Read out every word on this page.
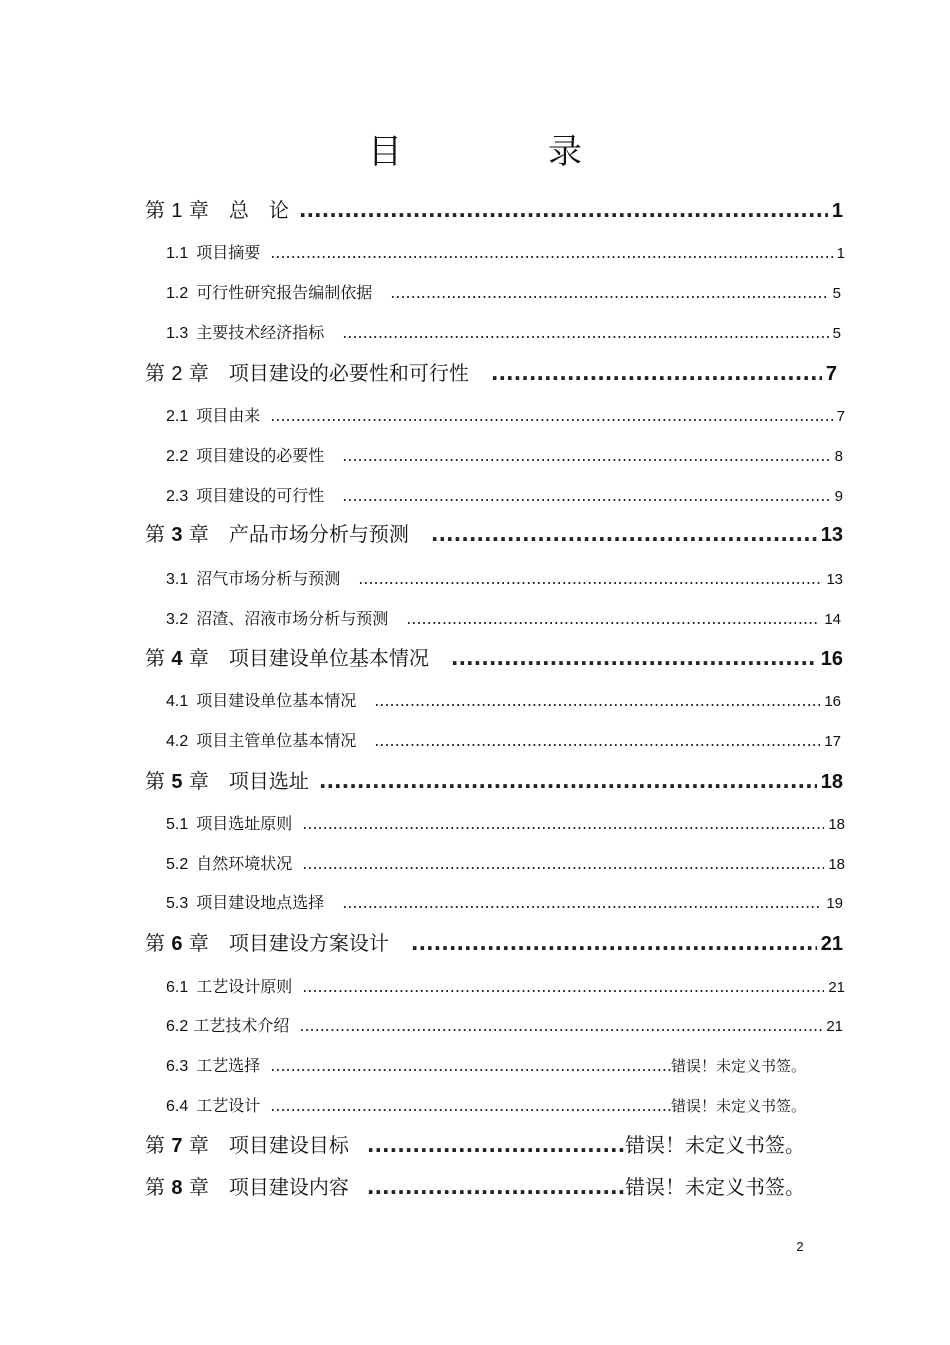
目　录
第 1 章　 总　论 .....	1
1.1  项目摘要 .....	1
1.2  可行性研究报告编制依据 .....	5
1.3  主要技术经济指标 .....	5
第 2 章　 项目建设的必要性和可行性 .....	7
2.1  项目由来 .....	7
2.2  项目建设的必要性 .....	8
2.3  项目建设的可行性 .....	9
第 3 章　 产品市场分析与预测 .....	13
3.1  沼气市场分析与预测 .....	13
3.2  沼渣、沼液市场分析与预测 .....	14
第 4 章　 项目建设单位基本情况 .....	16
4.1  项目建设单位基本情况 .....	16
4.2  项目主管单位基本情况 .....	17
第 5 章　 项目选址 .....	18
5.1  项目选址原则 .....	18
5.2  自然环境状况 .....	18
5.3  项目建设地点选择 .....	19
第 6 章　 项目建设方案设计 .....	21
6.1  工艺设计原则 .....	21
6.2 工艺技术介绍 .....	21
6.3  工艺选择 .....	错误！未定义书签。
6.4  工艺设计 .....	错误！未定义书签。
第 7 章　 项目建设目标 .....	错误！未定义书签。
第 8 章　 项目建设内容 .....	错误！未定义书签。
2
